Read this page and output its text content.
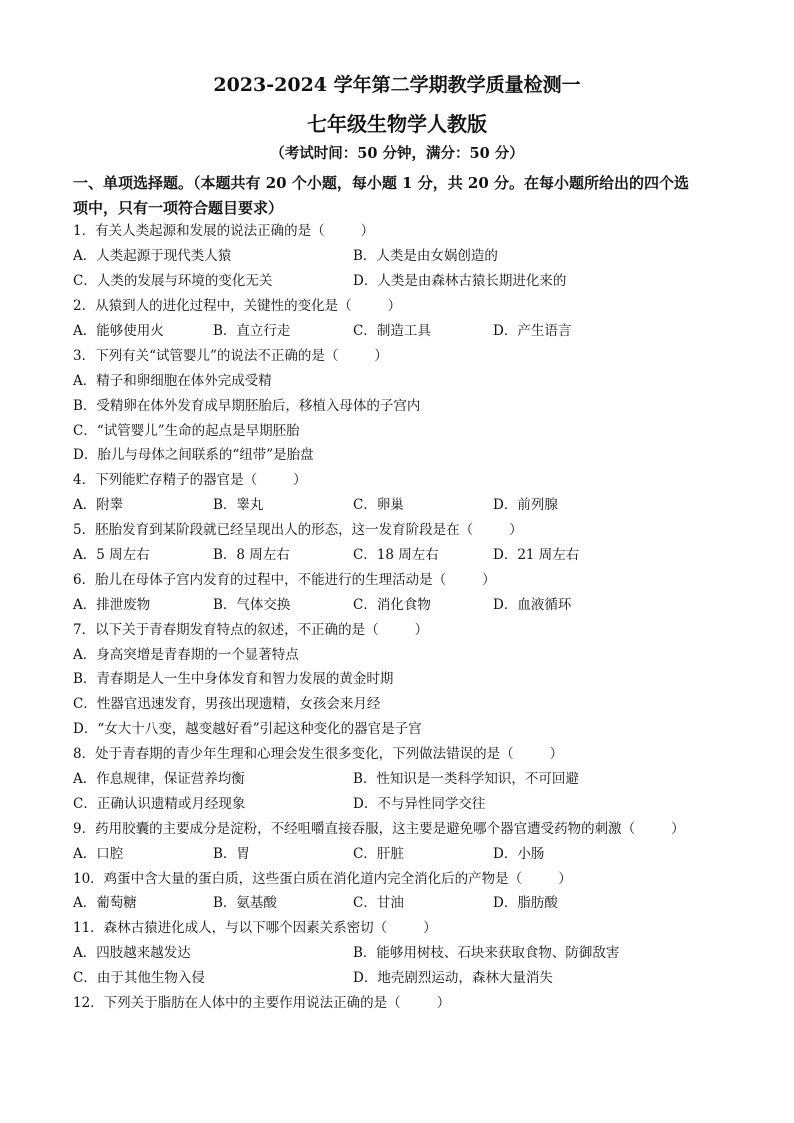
2023-2024 学年第二学期教学质量检测一
七年级生物学人教版
（考试时间：50 分钟，满分：50 分）
一、单项选择题。（本题共有 20 个小题，每小题 1 分，共 20 分。在每小题所给出的四个选
项中，只有一项符合题目要求）
1．有关人类起源和发展的说法正确的是（	）
A．人类起源于现代类人猿	B．人类是由女娲创造的
C．人类的发展与环境的变化无关	D．人类是由森林古猿长期进化来的
2．从猿到人的进化过程中，关键性的变化是（	）
A．能够使用火	B．直立行走	C．制造工具	D．产生语言
3．下列有关“试管婴儿”的说法不正确的是（	）
A．精子和卵细胞在体外完成受精
B．受精卵在体外发育成早期胚胎后，移植入母体的子宫内
C．“试管婴儿”生命的起点是早期胚胎
D．胎儿与母体之间联系的“纽带”是胎盘
4．下列能贮存精子的器官是（	）
A．附睾	B．睾丸	C．卵巢	D．前列腺
5．胚胎发育到某阶段就已经呈现出人的形态，这一发育阶段是在（	）
A．5 周左右	B．8 周左右	C．18 周左右	D．21 周左右
6．胎儿在母体子宫内发育的过程中，不能进行的生理活动是（	）
A．排泄废物	B．气体交换	C．消化食物	D．血液循环
7．以下关于青春期发育特点的叙述，不正确的是（	）
A．身高突增是青春期的一个显著特点
B．青春期是人一生中身体发育和智力发展的黄金时期
C．性器官迅速发育，男孩出现遗精，女孩会来月经
D．“女大十八变，越变越好看”引起这种变化的器官是子宫
8．处于青春期的青少年生理和心理会发生很多变化，下列做法错误的是（	）
A．作息规律，保证营养均衡	B．性知识是一类科学知识，不可回避
C．正确认识遗精或月经现象	D．不与异性同学交往
9．药用胶囊的主要成分是淀粉，不经咀嚼直接吞服，这主要是避免哪个器官遭受药物的刺激（	）
A．口腔	B．胃	C．肝脏	D．小肠
10．鸡蛋中含大量的蛋白质，这些蛋白质在消化道内完全消化后的产物是（	）
A．葡萄糖	B．氨基酸	C．甘油	D．脂肪酸
11．森林古猿进化成人，与以下哪个因素关系密切（	）
A．四肢越来越发达	B．能够用树枝、石块来获取食物、防御敌害
C．由于其他生物入侵	D．地壳剧烈运动，森林大量消失
12．下列关于脂肪在人体中的主要作用说法正确的是（	）
